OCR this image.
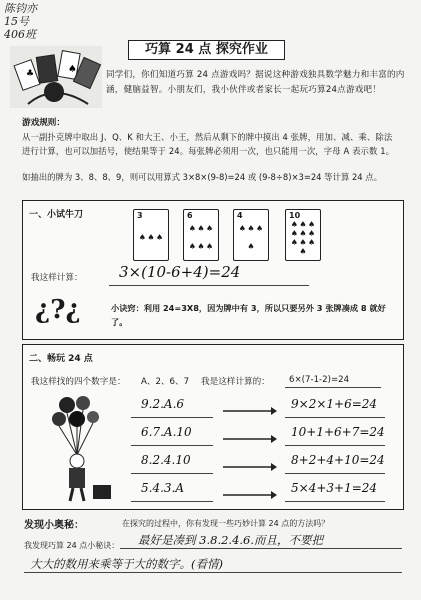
陈钧亦
15号
406班
♠
♣
巧算 24 点 探究作业
同学们，你们知道巧算 24 点游戏吗？据说这种游戏独具数学魅力和丰富的内涵，健脑益智。小朋友们，我小伙伴或者家长一起玩巧算24点游戏吧！
游戏规则：
从一副扑克牌中取出 J、Q、K 和大王、小王，然后从剩下的牌中摸出 4 张牌，用加、减、乘、除法进行计算，也可以加括号，使结果等于 24。每张牌必须用一次，也只能用一次，字母 A 表示数 1。
如抽出的牌为 3、8、8、9，则可以用算式 3×8×(9-8)=24 或 (9-8÷8)×3=24 等计算 24 点。
一、小试牛刀	3
♠ ♠ ♠
6
♠ ♠ ♠
♠ ♠ ♠
4
♠ ♠ ♠
♠
10
♠ ♠ ♠
♠ ♠ ♠
♠ ♠ ♠
♠
我这样计算： 3×(10-6+4)=24
¿?¿	小诀窍：利用 24=3X8，因为牌中有 3，所以只要另外 3 张牌凑成 8 就好了。
二、畅玩 24 点
我这样找的四个数字是： A、2、6、7 我是这样计算的： 6×(7-1-2)=24
9.2.A.6	9×2×1+6=24
6.7.A.10	10+1+6+7=24
8.2.4.10	8+2+4+10=24
5.4.3.A	5×4+3+1=24
发现小奥秘：	在探究的过程中，你有发现一些巧妙计算 24 点的方法吗？
我发现巧算 24 点小秘诀： 最好是凑到 3.8.2.4.6.而且，不要把
大大的数用来乘等于大的数字。(看情)
